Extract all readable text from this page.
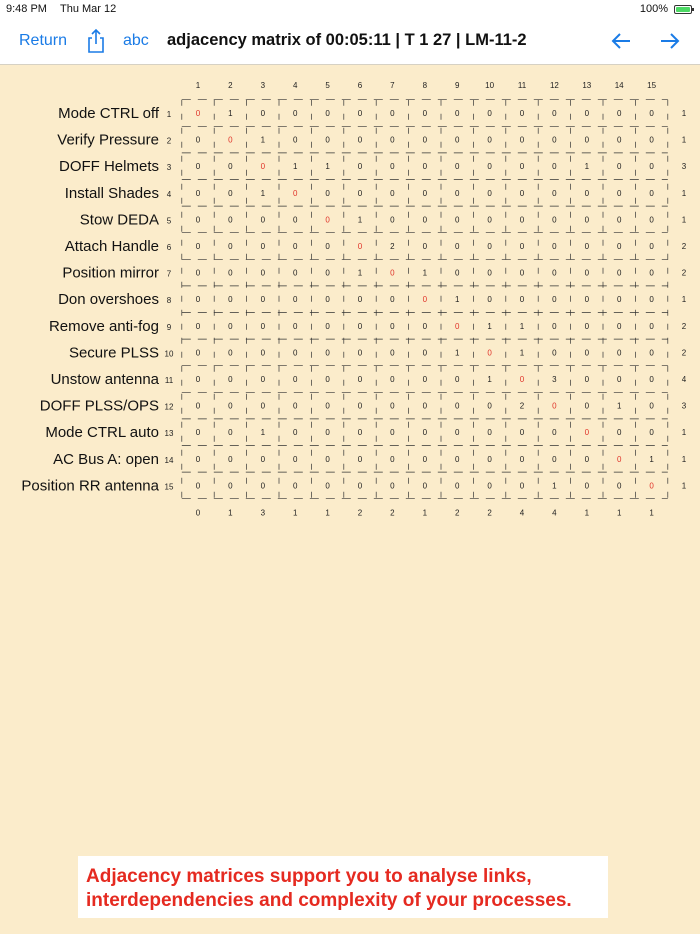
9:48 PM Thu Mar 12	100%
Return	abc adjacency matrix of 00:05:11 | T 1 27 | LM-11-2
1	2	3	4	5	6	7	8	9	10	11	12	13	14	15
Mode CTRL off 1	0	1	0	0	0	0	0	0	0	0	0	0	0	0	0	1
Verify Pressure 2	0	0	1	0	0	0	0	0	0	0	0	0	0	0	0	1
DOFF Helmets 3	0	0	0	1	1	0	0	0	0	0	0	0	1	0	0	3
Install Shades 4	0	0	1	0	0	0	0	0	0	0	0	0	0	0	0	1
Stow DEDA 5	0	0	0	0	0	1	0	0	0	0	0	0	0	0	0	1
Attach Handle 6	0	0	0	0	0	0	2	0	0	0	0	0	0	0	0	2
Position mirror 7	0	0	0	0	0	1	0	1	0	0	0	0	0	0	0	2
Don overshoes 8	0	0	0	0	0	0	0	0	1	0	0	0	0	0	0	1
Remove anti-fog 9	0	0	0	0	0	0	0	0	0	1	1	0	0	0	0	2
Secure PLSS 10	0	0	0	0	0	0	0	0	1	0	1	0	0	0	0	2
Unstow antenna 11	0	0	0	0	0	0	0	0	0	1	0	3	0	0	0	4
DOFF PLSS/OPS 12	0	0	0	0	0	0	0	0	0	0	2	0	0	1	0	3
Mode CTRL auto 13	0	0	1	0	0	0	0	0	0	0	0	0	0	0	0	1
AC Bus A: open 14	0	0	0	0	0	0	0	0	0	0	0	0	0	0	1	1
Position RR antenna 15	0	0	0	0	0	0	0	0	0	0	0	1	0	0	0	1
0	1	3	1	1	2	2	1	2	2	4	4	1	1	1
Adjacency matrices support you to analyse links, interdependencies and complexity of your processes.
